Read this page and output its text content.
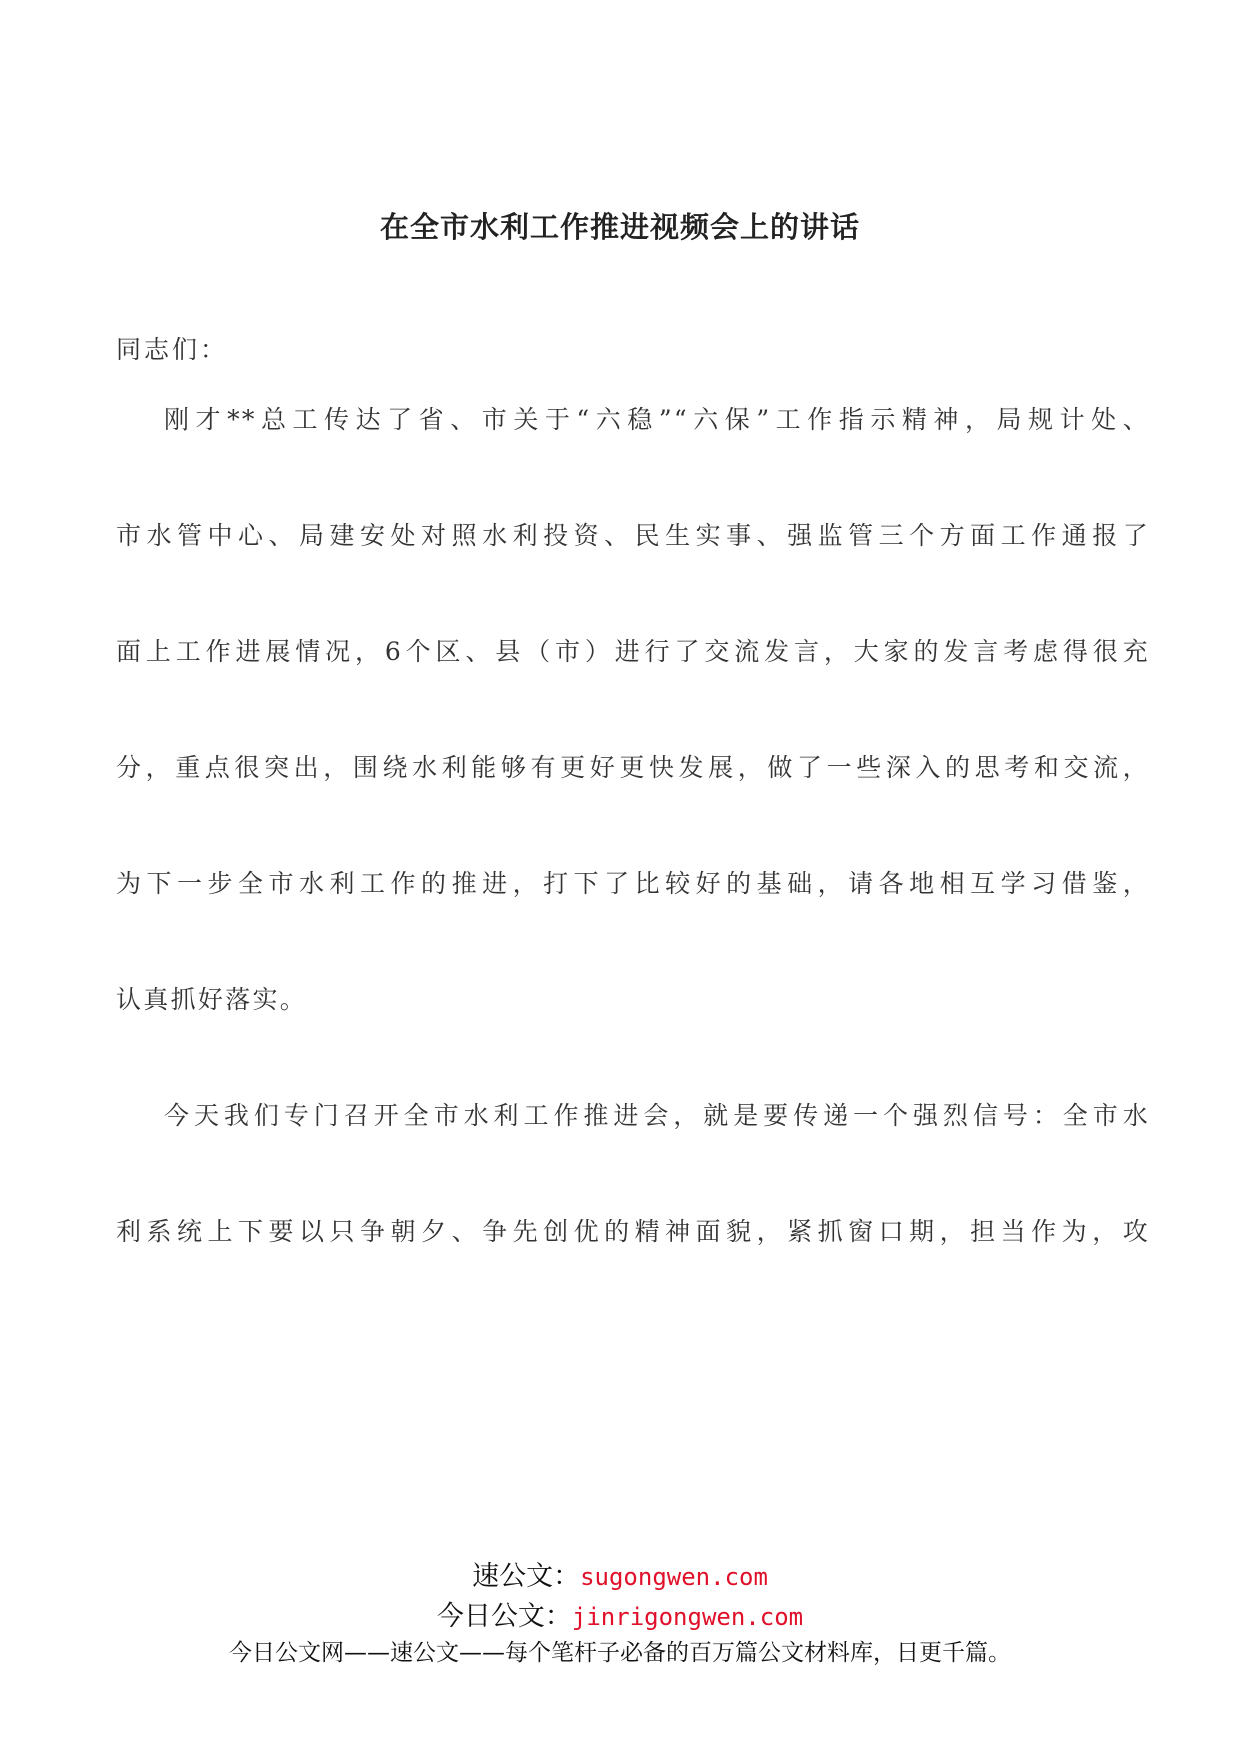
在全市水利工作推进视频会上的讲话
同志们：
刚才**总工传达了省、市关于“六稳”“六保”工作指示精神，局规计处、
市水管中心、局建安处对照水利投资、民生实事、强监管三个方面工作通报了
面上工作进展情况，6个区、县（市）进行了交流发言，大家的发言考虑得很充
分，重点很突出，围绕水利能够有更好更快发展，做了一些深入的思考和交流，
为下一步全市水利工作的推进，打下了比较好的基础，请各地相互学习借鉴，
认真抓好落实。
今天我们专门召开全市水利工作推进会，就是要传递一个强烈信号：全市水
利系统上下要以只争朝夕、争先创优的精神面貌，紧抓窗口期，担当作为，攻
速公文：sugongwen.com
今日公文：jinrigongwen.com
今日公文网——速公文——每个笔杆子必备的百万篇公文材料库，日更千篇。
